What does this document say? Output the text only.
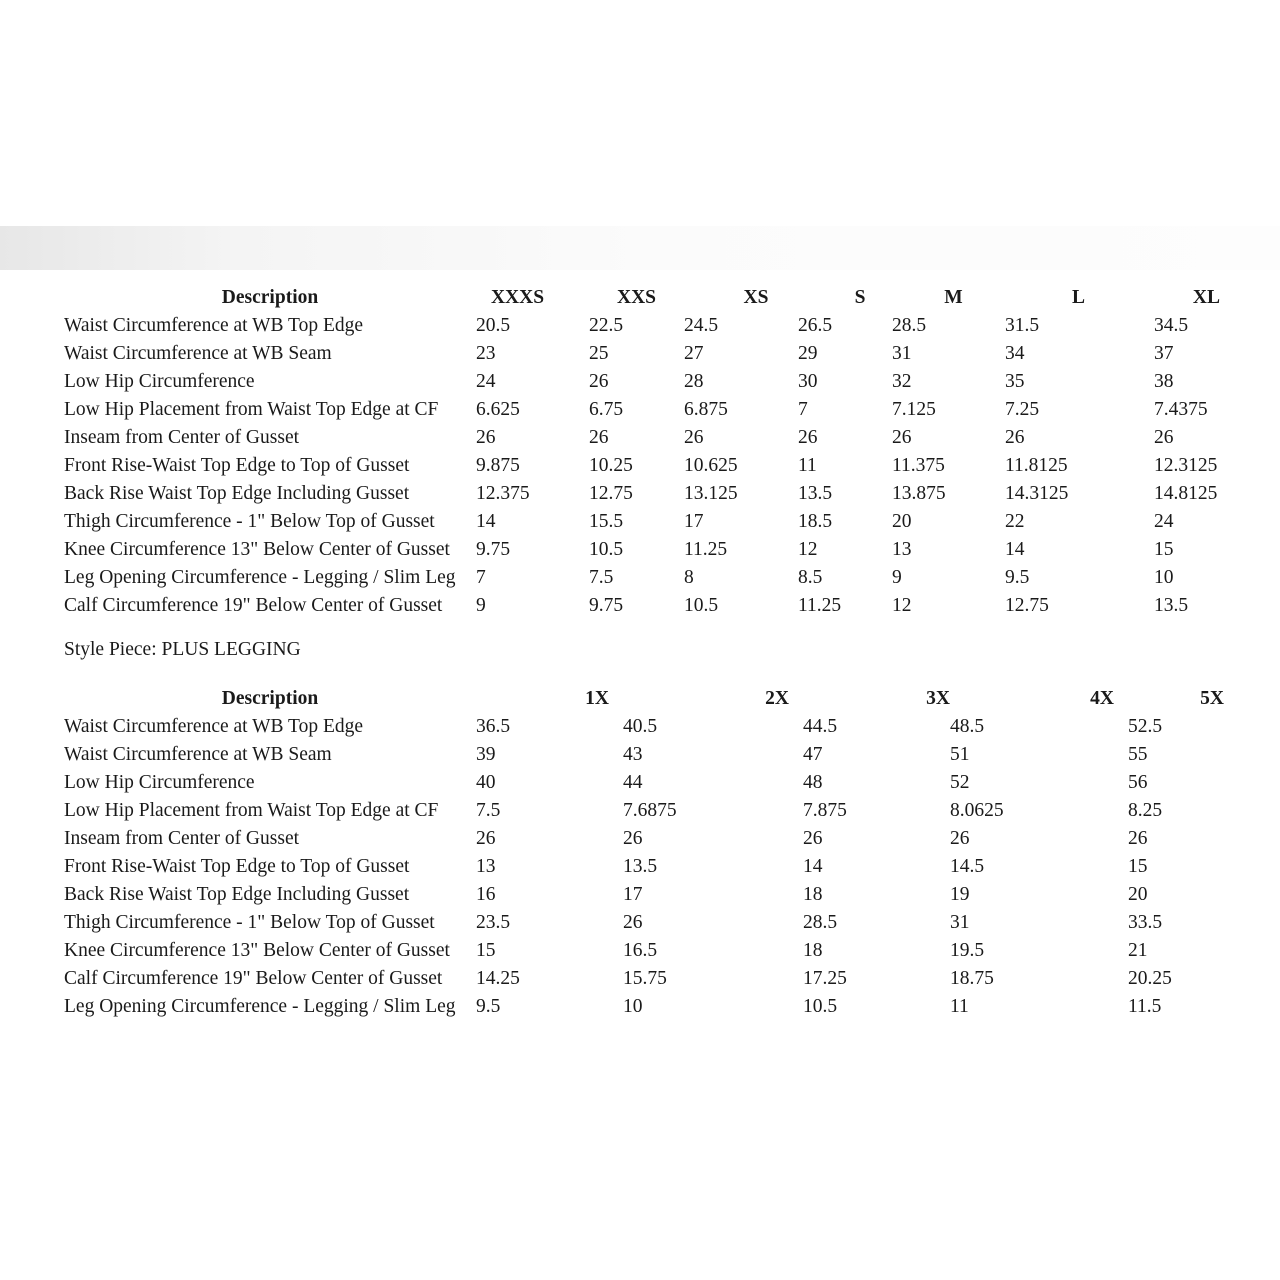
Description	XXXS	XXS	XS	S	M	L	XL
Waist Circumference at WB Top Edge	20.5	22.5	24.5	26.5	28.5	31.5	34.5
Waist Circumference at WB Seam	23	25	27	29	31	34	37
Low Hip Circumference	24	26	28	30	32	35	38
Low Hip Placement from Waist Top Edge at CF	6.625	6.75	6.875	7	7.125	7.25	7.4375
Inseam from Center of Gusset	26	26	26	26	26	26	26
Front Rise-Waist Top Edge to Top of Gusset	9.875	10.25	10.625	11	11.375	11.8125	12.3125
Back Rise Waist Top Edge Including Gusset	12.375	12.75	13.125	13.5	13.875	14.3125	14.8125
Thigh Circumference - 1" Below Top of Gusset	14	15.5	17	18.5	20	22	24
Knee Circumference 13" Below Center of Gusset	9.75	10.5	11.25	12	13	14	15
Leg Opening Circumference - Legging / Slim Leg	7	7.5	8	8.5	9	9.5	10
Calf Circumference 19" Below Center of Gusset	9	9.75	10.5	11.25	12	12.75	13.5
Style Piece: PLUS LEGGING
Description	1X	2X	3X	4X	5X
Waist Circumference at WB Top Edge	36.5	40.5	44.5	48.5	52.5
Waist Circumference at WB Seam	39	43	47	51	55
Low Hip Circumference	40	44	48	52	56
Low Hip Placement from Waist Top Edge at CF	7.5	7.6875	7.875	8.0625	8.25
Inseam from Center of Gusset	26	26	26	26	26
Front Rise-Waist Top Edge to Top of Gusset	13	13.5	14	14.5	15
Back Rise Waist Top Edge Including Gusset	16	17	18	19	20
Thigh Circumference - 1" Below Top of Gusset	23.5	26	28.5	31	33.5
Knee Circumference 13" Below Center of Gusset	15	16.5	18	19.5	21
Calf Circumference 19" Below Center of Gusset	14.25	15.75	17.25	18.75	20.25
Leg Opening Circumference - Legging / Slim Leg	9.5	10	10.5	11	11.5
